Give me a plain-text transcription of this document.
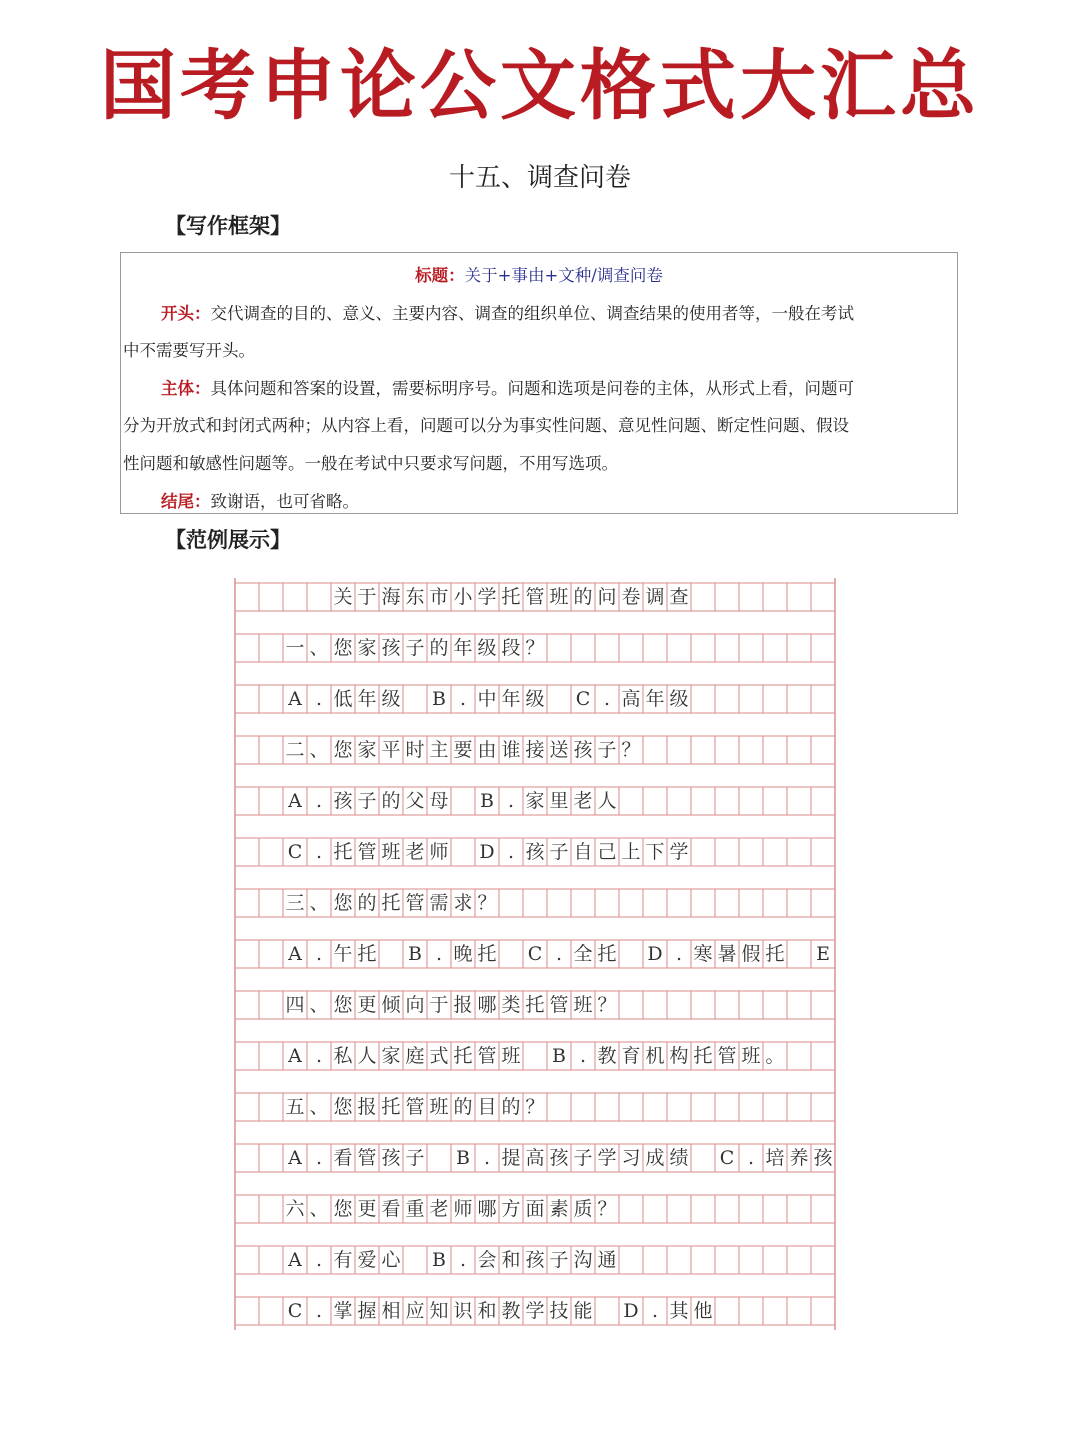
国考申论公文格式大汇总
十五、调查问卷
【写作框架】
标题：关于+事由+文种/调查问卷
开头：交代调查的目的、意义、主要内容、调查的组织单位、调查结果的使用者等，一般在考试
中不需要写开头。
主体：具体问题和答案的设置，需要标明序号。问题和选项是问卷的主体，从形式上看，问题可
分为开放式和封闭式两种；从内容上看，问题可以分为事实性问题、意见性问题、断定性问题、假设
性问题和敏感性问题等。一般在考试中只要求写问题，不用写选项。
结尾：致谢语，也可省略。
【范例展示】
关 于 海 东 市 小 学 托 管 班 的 问 卷 调 查
一 、 您 家 孩 子 的 年 级 段 ？
A . 低 年 级 B . 中 年 级 C . 高 年 级
二 、 您 家 平 时 主 要 由 谁 接 送 孩 子 ？
A . 孩 子 的 父 母 B . 家 里 老 人
C . 托 管 班 老 师 D . 孩 子 自 己 上 下 学
三 、 您 的 托 管 需 求 ？
A . 午 托 B . 晚 托 C . 全 托 D . 寒 暑 假 托 E
四 、 您 更 倾 向 于 报 哪 类 托 管 班 ？
A . 私 人 家 庭 式 托 管 班 B . 教 育 机 构 托 管 班 。
五 、 您 报 托 管 班 的 目 的 ？
A . 看 管 孩 子 B . 提 高 孩 子 学 习 成 绩 C . 培 养 孩
六 、 您 更 看 重 老 师 哪 方 面 素 质 ？
A . 有 爱 心 B . 会 和 孩 子 沟 通
C . 掌 握 相 应 知 识 和 教 学 技 能 D . 其 他
